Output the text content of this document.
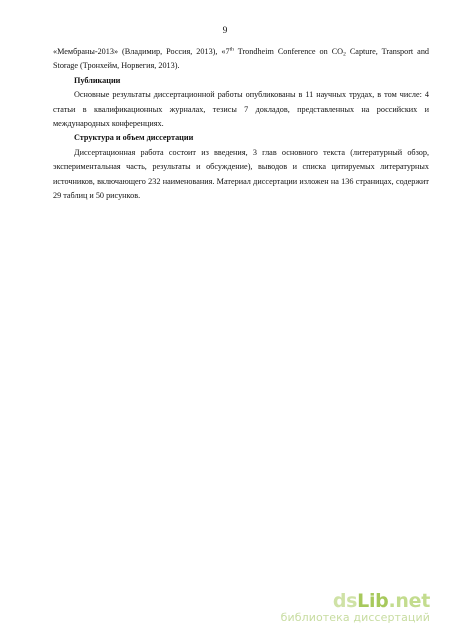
9

«Мембраны-2013» (Владимир, Россия, 2013), «7th Trondheim Conference on $CO_2$ Capture, Transport and Storage (Тронхейм, Норвегия, 2013).

Публикации

Основные результаты диссертационной работы опубликованы в 11 научных трудах, в том числе: 4 статьи в квалификационных журналах, тезисы 7 докладов, представленных на российских и международных конференциях.

Структура и объем диссертации

Диссертационная работа состоит из введения, 3 глав основного текста (литературный обзор, экспериментальная часть, результаты и обсуждение), выводов и списка цитируемых литературных источников, включающего 232 наименования. Материал диссертации изложен на 136 страницах, содержит 29 таблиц и 50 рисунков.

dsLib.net
библиотека диссертаций
